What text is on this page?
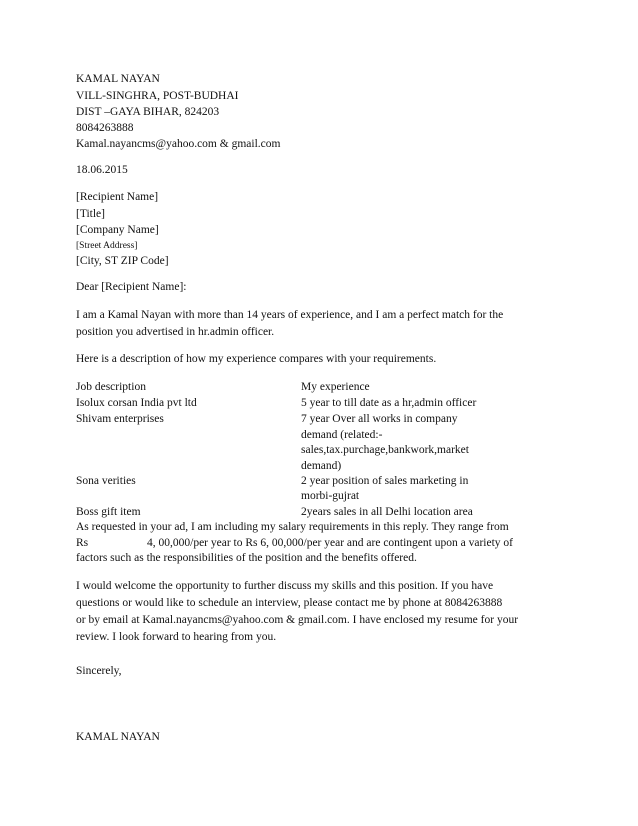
KAMAL NAYAN
VILL-SINGHRA, POST-BUDHAI
DIST –GAYA BIHAR, 824203
8084263888
Kamal.nayancms@yahoo.com & gmail.com
18.06.2015
[Recipient Name]
[Title]
[Company Name]
[Street Address]
[City, ST ZIP Code]
Dear [Recipient Name]:
I am a Kamal Nayan with more than 14 years of experience, and I am a perfect match for the
position you advertised in hr.admin officer.
Here is a description of how my experience compares with your requirements.
Job description	My experience
Isolux corsan India pvt ltd	5 year to till date as a hr,admin officer
Shivam enterprises	7 year Over all works in company
demand (related:-
sales,tax.purchage,bankwork,market
demand)
Sona verities	2 year position of sales marketing in
morbi-gujrat
Boss gift item	2years sales in all Delhi location area
As requested in your ad, I am including my salary requirements in this reply. They range from
Rs	4, 00,000/per year to Rs 6, 00,000/per year and are contingent upon a variety of
factors such as the responsibilities of the position and the benefits offered.
I would welcome the opportunity to further discuss my skills and this position. If you have
questions or would like to schedule an interview, please contact me by phone at 8084263888
or by email at Kamal.nayancms@yahoo.com & gmail.com. I have enclosed my resume for your
review. I look forward to hearing from you.
Sincerely,
KAMAL NAYAN
